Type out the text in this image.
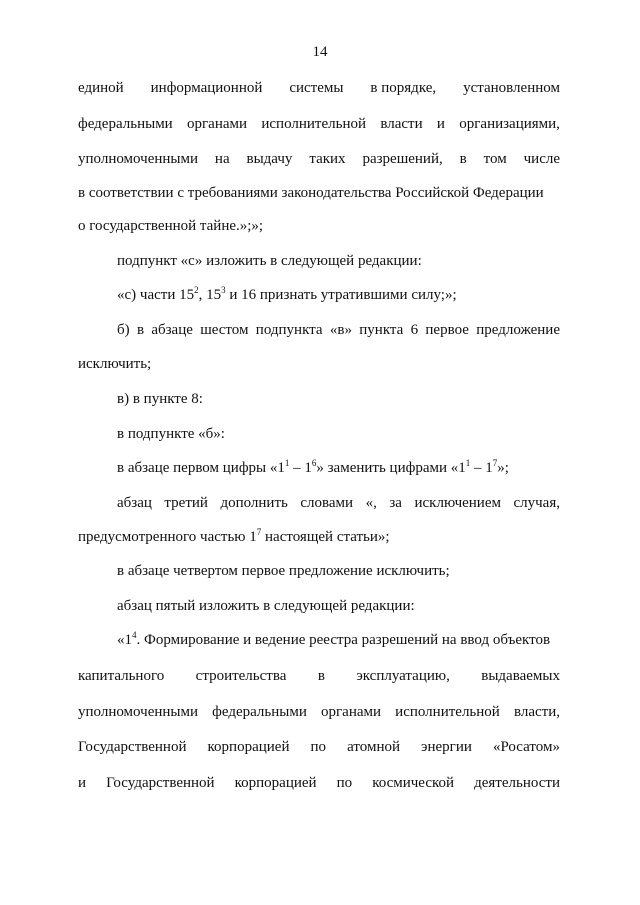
14
единой информационной системы в порядке, установленном
федеральными органами исполнительной власти и организациями,
уполномоченными на выдачу таких разрешений, в том числе
в соответствии с требованиями законодательства Российской Федерации
о государственной тайне.»;»;
подпункт «с» изложить в следующей редакции:
«с) части $15^2$, $15^3$ и 16 признать утратившими силу;»;
б) в абзаце шестом подпункта «в» пункта 6 первое предложение
исключить;
в) в пункте 8:
в подпункте «б»:
в абзаце первом цифры «$1^1 - 1^6$» заменить цифрами «$1^1 - 1^7$»;
абзац третий дополнить словами «, за исключением случая,
предусмотренного частью $1^7$ настоящей статьи»;
в абзаце четвертом первое предложение исключить;
абзац пятый изложить в следующей редакции:
«$1^4$. Формирование и ведение реестра разрешений на ввод объектов
капитального строительства в эксплуатацию, выдаваемых
уполномоченными федеральными органами исполнительной власти,
Государственной корпорацией по атомной энергии «Росатом»
и Государственной корпорацией по космической деятельности
